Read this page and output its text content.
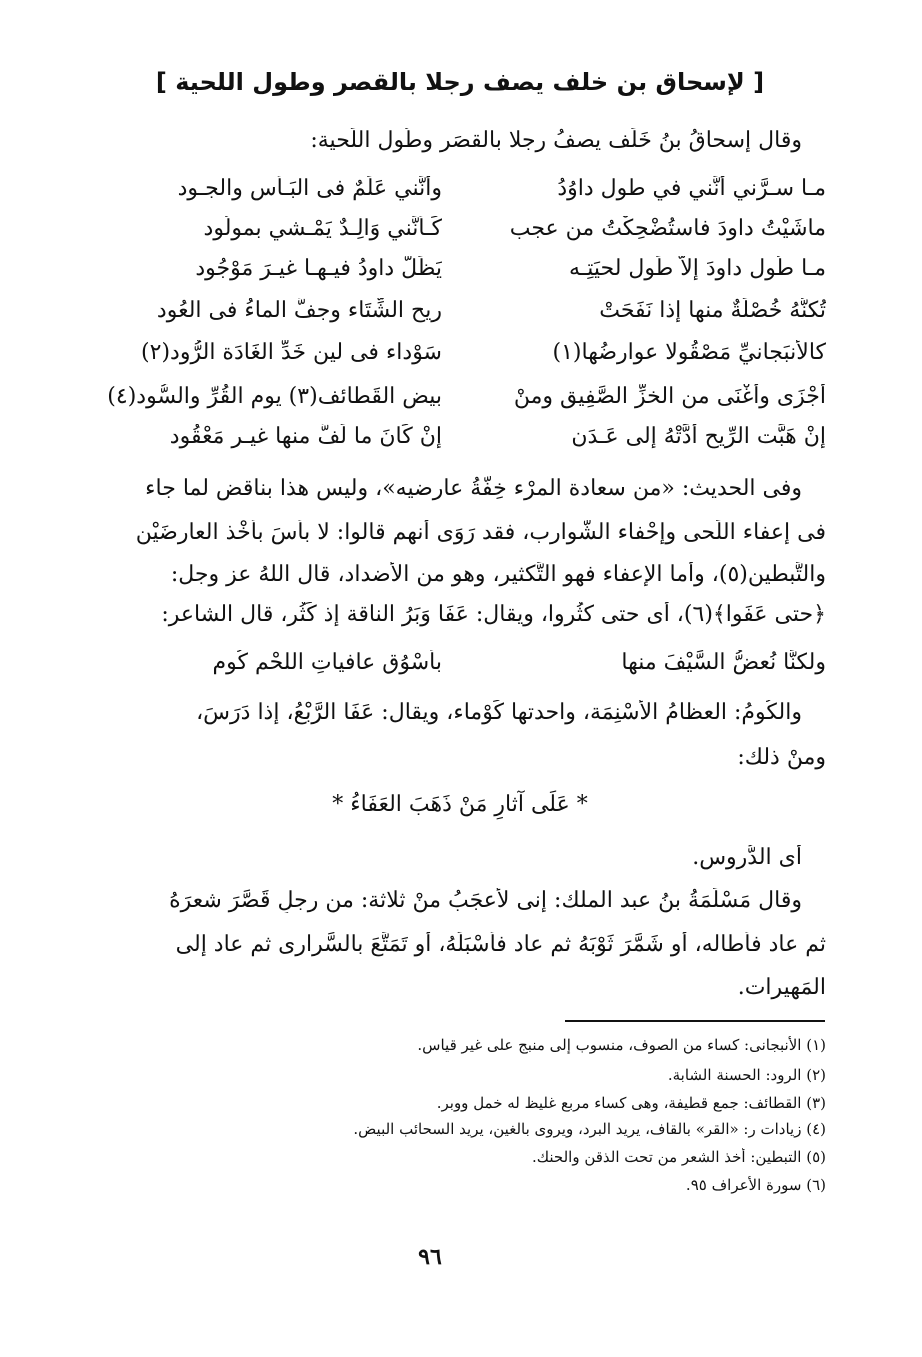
[ لإسحاق بن خلف يصف رجلا بالقصر وطول اللحية ]
وقال إسحاقُ بنُ خَلَف يصفُ رجلا بالقصَر وطُول اللِّحية:
مـا سـرَّني أنَّني في طول داوُدُ
وأنَّني عَلَمٌ فى البَـأْسِ والجـود
ماشَيْتُ داودَ فاستُضْحِكْتُ من عجب
كَـأَنَّني وَالِـدٌ يَمْـشي بمولُود
مـا طُول داودَ إلاَّ طَول لحيَتِـه
يَظَلُّ داودُ فيـهـا غيـرَ مَوْجُود
تُكنُّهُ خُصْلَةٌ منها إذا نَفَحَتْ
ريح الشِّتَاء وجفَّ الماءُ فى العُود
كالأنبَجانيِّ مَصْقُولا عوارضُها(١)
سَوْداء فى لين خَدِّ الغَادَة الرُّود(٢)
أجْزَى وأغْنَى من الخزِّ الصَّفِيق ومنْ
بيض القَطائف(٣) يوم القُرِّ والسُّود(٤)
إنْ هَبَّت الرِّيح أَدَّتْهُ إلى عَـدَن
إنْ كَانَ ما لَفَّ منها غيـر مَعْقُود
وفى الحديث: «من سعادة المرْء خِفَّةُ عارضيه»، وليس هذا بناقض لما جاء
فى إعفاء اللِّحى وإحْفاء الشَّوارب، فقد رَوَى أنهم قالوا: لا بأسَ بأخْذ العارضَيْن
والتَّبطين(٥)، وأما الإعفاء فهو التَّكثير، وهو من الأضداد، قال اللهُ عز وجل:
﴿حتى عَفَوا﴾(٦)، أى حتى كثُروا، ويقال: عَفَا وَبَرُ الناقة إذ كَثُر، قال الشاعر:
ولكنَّا نُعضُّ السَّيْفَ منها
بأسْوُقِ عافياتِ اللحْم كُوم
والكُومُ: العظامُ الأسْنِمَة، واحدتها كَوْماء، ويقال: عَفَا الرَّبْعُ، إذا دَرَسَ،
ومنْ ذلك:
* عَلَى آثارِ مَنْ ذَهَبَ العَفَاءُ *
أى الدُّروس.
وقال مَسْلَمَةُ بنُ عبد الملك: إنى لأعجَبُ منْ ثلاثة: من رجلٍ قَصَّرَ شعرَهُ
ثم عاد فأطاله، أو شَمَّرَ ثَوْبَهُ ثم عاد فأسْبَلَهُ، أو تَمَتَّعَ بالسَّرارى ثم عاد إلى
المَهيرات.
(١) الأنبجانى: كساء من الصوف، منسوب إلى منبج على غير قياس.
(٢) الرود: الحسنة الشابة.
(٣) القطائف: جمع قطيفة، وهى كساء مربع غليظ له خمل ووبر.
(٤) زيادات ر: «القر» بالقاف، يريد البرد، ويروى بالغين، يريد السحائب البيض.
(٥) التبطين: أخذ الشعر من تحت الذقن والحنك.
(٦) سورة الأعراف ٩٥.
٩٦
